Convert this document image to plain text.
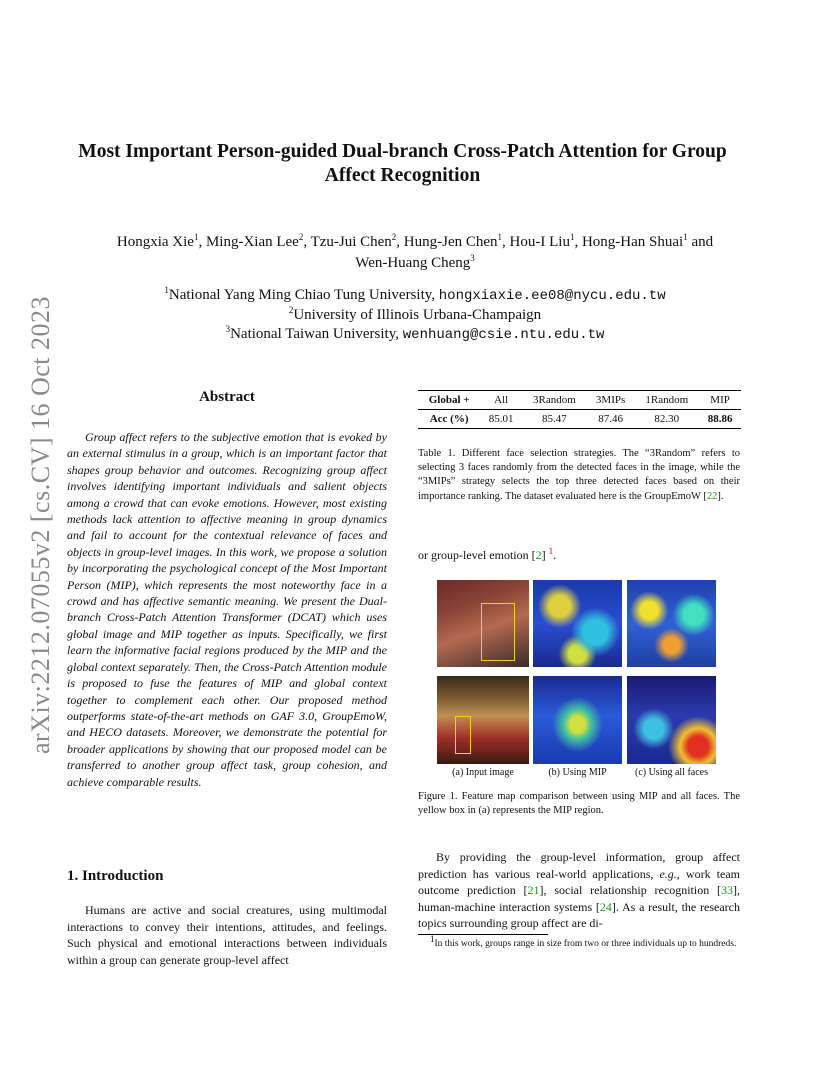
arXiv:2212.07055v2 [cs.CV] 16 Oct 2023
Most Important Person-guided Dual-branch Cross-Patch Attention for Group Affect Recognition
Hongxia Xie$^1$, Ming-Xian Lee$^2$, Tzu-Jui Chen$^2$, Hung-Jen Chen$^1$, Hou-I Liu$^1$, Hong-Han Shuai$^1$ and
Wen-Huang Cheng$^3$
$^1$National Yang Ming Chiao Tung University, hongxiaxie.ee08@nycu.edu.tw
$^2$University of Illinois Urbana-Champaign
$^3$National Taiwan University, wenhuang@csie.ntu.edu.tw
Abstract
Group affect refers to the subjective emotion that is evoked by an external stimulus in a group, which is an important factor that shapes group behavior and outcomes. Recognizing group affect involves identifying important individuals and salient objects among a crowd that can evoke emotions. However, most existing methods lack attention to affective meaning in group dynamics and fail to account for the contextual relevance of faces and objects in group-level images. In this work, we propose a solution by incorporating the psychological concept of the Most Important Person (MIP), which represents the most noteworthy face in a crowd and has affective semantic meaning. We present the Dual-branch Cross-Patch Attention Transformer (DCAT) which uses global image and MIP together as inputs. Specifically, we first learn the informative facial regions produced by the MIP and the global context separately. Then, the Cross-Patch Attention module is proposed to fuse the features of MIP and global context together to complement each other. Our proposed method outperforms state-of-the-art methods on GAF 3.0, GroupEmoW, and HECO datasets. Moreover, we demonstrate the potential for broader applications by showing that our proposed model can be transferred to another group affect task, group cohesion, and achieve comparable results.
1. Introduction
Humans are active and social creatures, using multimodal interactions to convey their intentions, attitudes, and feelings. Such physical and emotional interactions between individuals within a group can generate group-level affect
Global +	All	3Random	3MIPs	1Random	MIP
Acc (%)	85.01	85.47	87.46	82.30	88.86
Table 1. Different face selection strategies. The “3Random” refers to selecting 3 faces randomly from the detected faces in the image, while the “3MIPs” strategy selects the top three detected faces based on their importance ranking. The dataset evaluated here is the GroupEmoW [22].
or group-level emotion [2] $^1$.
(a) Input image	(b) Using MIP	(c) Using all faces
Figure 1. Feature map comparison between using MIP and all faces. The yellow box in (a) represents the MIP region.
By providing the group-level information, group affect prediction has various real-world applications, e.g., work team outcome prediction [21], social relationship recognition [33], human-machine interaction systems [24]. As a result, the research topics surrounding group affect are di-
$^1$In this work, groups range in size from two or three individuals up to hundreds.
